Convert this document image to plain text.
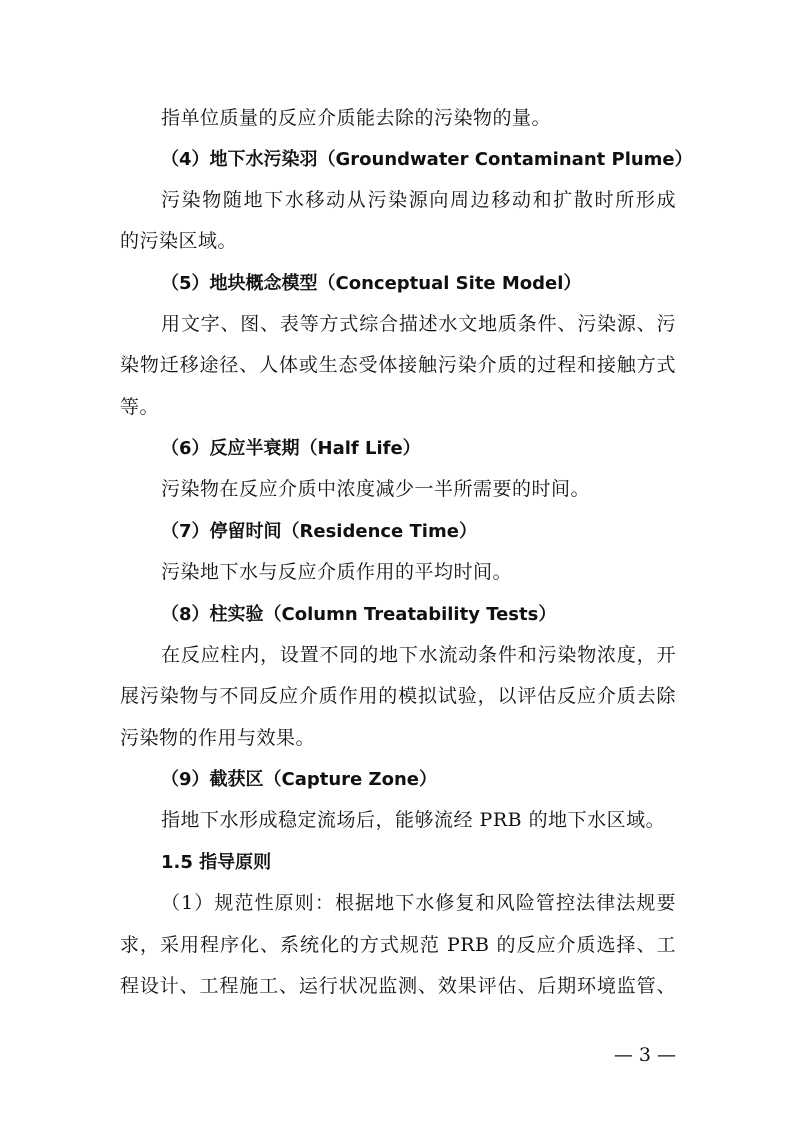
指单位质量的反应介质能去除的污染物的量。
（4）地下水污染羽（Groundwater Contaminant Plume）
污染物随地下水移动从污染源向周边移动和扩散时所形成
的污染区域。
（5）地块概念模型（Conceptual Site Model）
用文字、图、表等方式综合描述水文地质条件、污染源、污
染物迁移途径、人体或生态受体接触污染介质的过程和接触方式
等。
（6）反应半衰期（Half Life）
污染物在反应介质中浓度减少一半所需要的时间。
（7）停留时间（Residence Time）
污染地下水与反应介质作用的平均时间。
（8）柱实验（Column Treatability Tests）
在反应柱内，设置不同的地下水流动条件和污染物浓度，开
展污染物与不同反应介质作用的模拟试验，以评估反应介质去除
污染物的作用与效果。
（9）截获区（Capture Zone）
指地下水形成稳定流场后，能够流经 PRB 的地下水区域。
1.5 指导原则
（1）规范性原则：根据地下水修复和风险管控法律法规要
求，采用程序化、系统化的方式规范 PRB 的反应介质选择、工
程设计、工程施工、运行状况监测、效果评估、后期环境监管、
— 3 —
